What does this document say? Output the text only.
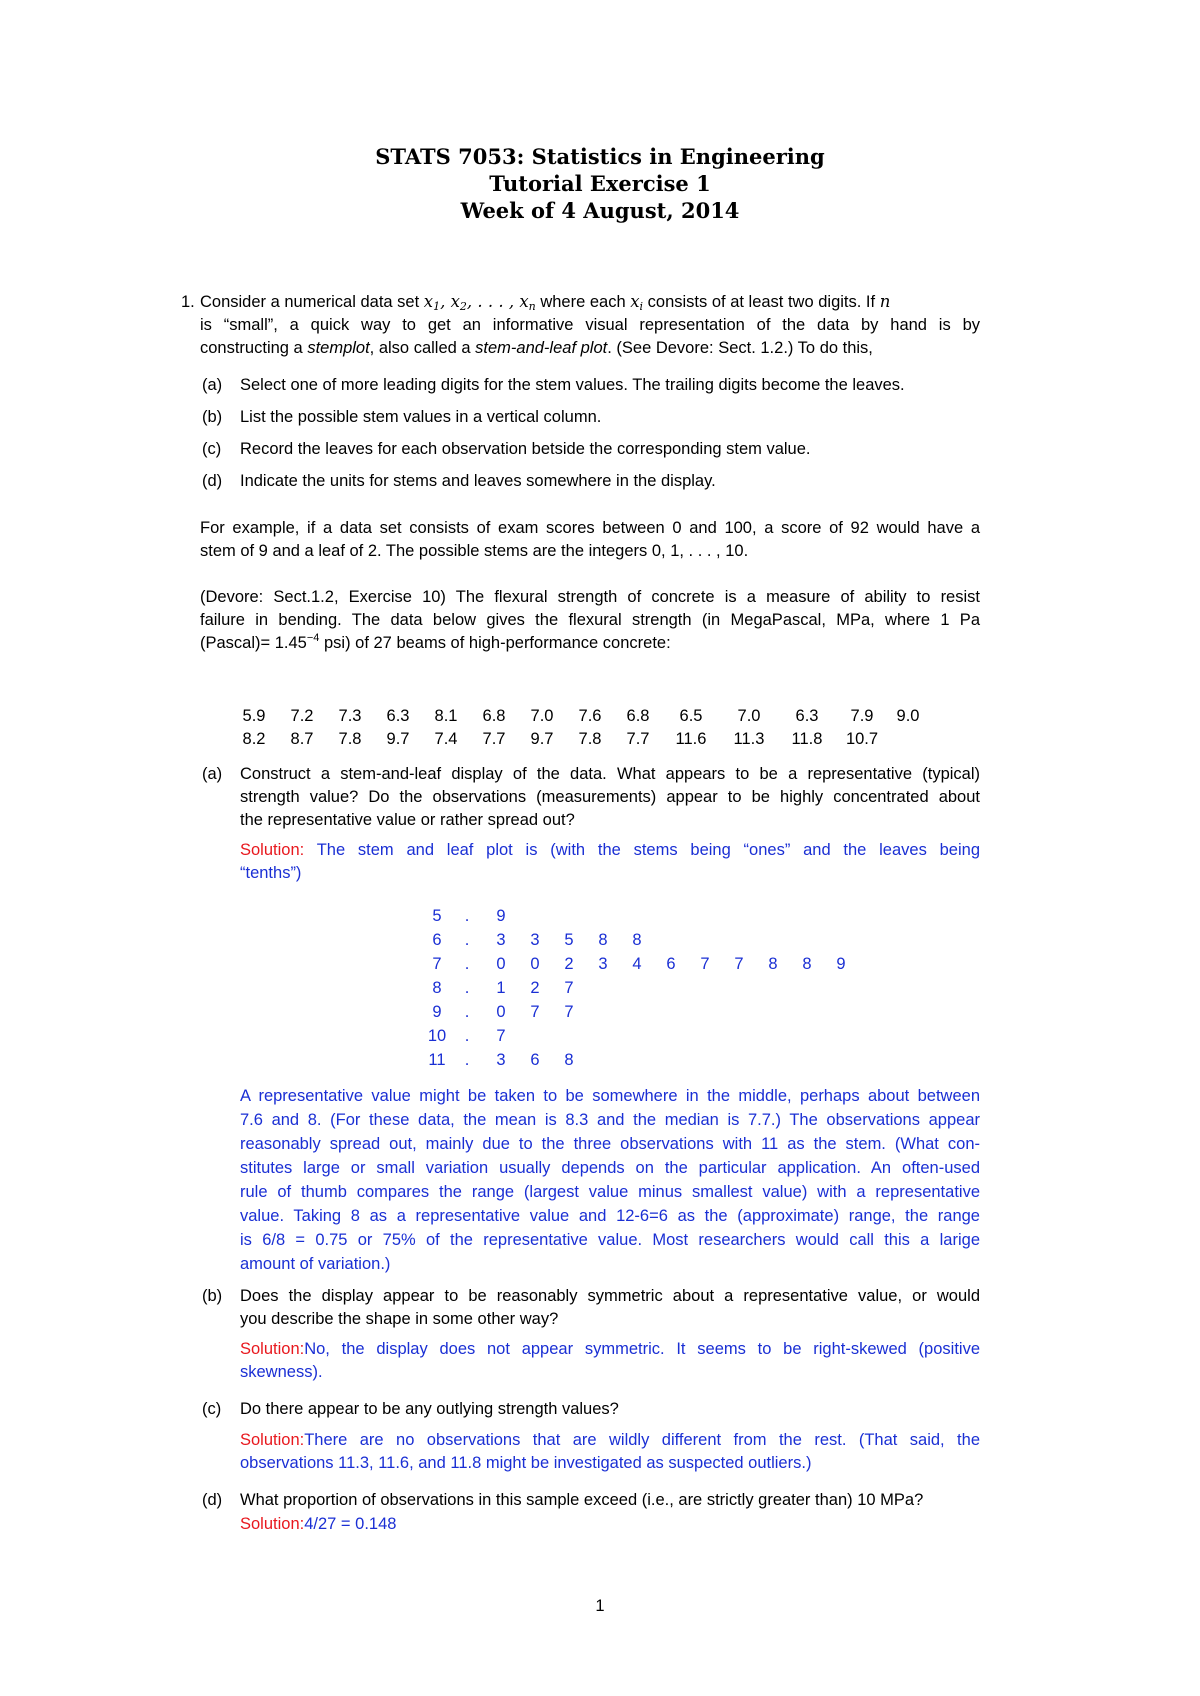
STATS 7053: Statistics in Engineering
Tutorial Exercise 1
Week of 4 August, 2014
1. Consider a numerical data set $x_1$, $x_2$, . . . , $x_n$ where each $x_i$ consists of at least two digits. If n
is “small”, a quick way to get an informative visual representation of the data by hand is by
constructing a stemplot, also called a stem-and-leaf plot. (See Devore: Sect. 1.2.) To do this,
(a) Select one of more leading digits for the stem values. The trailing digits become the leaves.
(b) List the possible stem values in a vertical column.
(c) Record the leaves for each observation betside the corresponding stem value.
(d) Indicate the units for stems and leaves somewhere in the display.
For example, if a data set consists of exam scores between 0 and 100, a score of 92 would have a
stem of 9 and a leaf of 2. The possible stems are the integers 0, 1, . . . , 10.
(Devore: Sect.1.2, Exercise 10) The flexural strength of concrete is a measure of ability to resist
failure in bending. The data below gives the flexural strength (in MegaPascal, MPa, where 1 Pa
(Pascal)= $1.45^{-4}$ psi) of 27 beams of high-performance concrete:
5.9	7.2	7.3	6.3	8.1	6.8	7.0	7.6	6.8	6.5	7.0	6.3	7.9	9.0
8.2	8.7	7.8	9.7	7.4	7.7	9.7	7.8	7.7	11.6	11.3	11.8	10.7	
(a) Construct a stem-and-leaf display of the data. What appears to be a representative (typical)
strength value? Do the observations (measurements) appear to be highly concentrated about
the representative value or rather spread out?
Solution: The stem and leaf plot is (with the stems being “ones” and the leaves being
“tenths”)
5	.	9										
6	.	3	3	5	8	8						
7	.	0	0	2	3	4	6	7	7	8	8	9
8	.	1	2	7								
9	.	0	7	7								
10	.	7										
11	.	3	6	8								
A representative value might be taken to be somewhere in the middle, perhaps about between
7.6 and 8. (For these data, the mean is 8.3 and the median is 7.7.) The observations appear
reasonably spread out, mainly due to the three observations with 11 as the stem. (What con-
stitutes large or small variation usually depends on the particular application. An often-used
rule of thumb compares the range (largest value minus smallest value) with a representative
value. Taking 8 as a representative value and 12-6=6 as the (approximate) range, the range
is 6/8 = 0.75 or 75% of the representative value. Most researchers would call this a larige
amount of variation.)
(b) Does the display appear to be reasonably symmetric about a representative value, or would
you describe the shape in some other way?
Solution:No, the display does not appear symmetric. It seems to be right-skewed (positive
skewness).
(c) Do there appear to be any outlying strength values?
Solution:There are no observations that are wildly different from the rest. (That said, the
observations 11.3, 11.6, and 11.8 might be investigated as suspected outliers.)
(d) What proportion of observations in this sample exceed (i.e., are strictly greater than) 10 MPa?
Solution:4/27 = 0.148
1
